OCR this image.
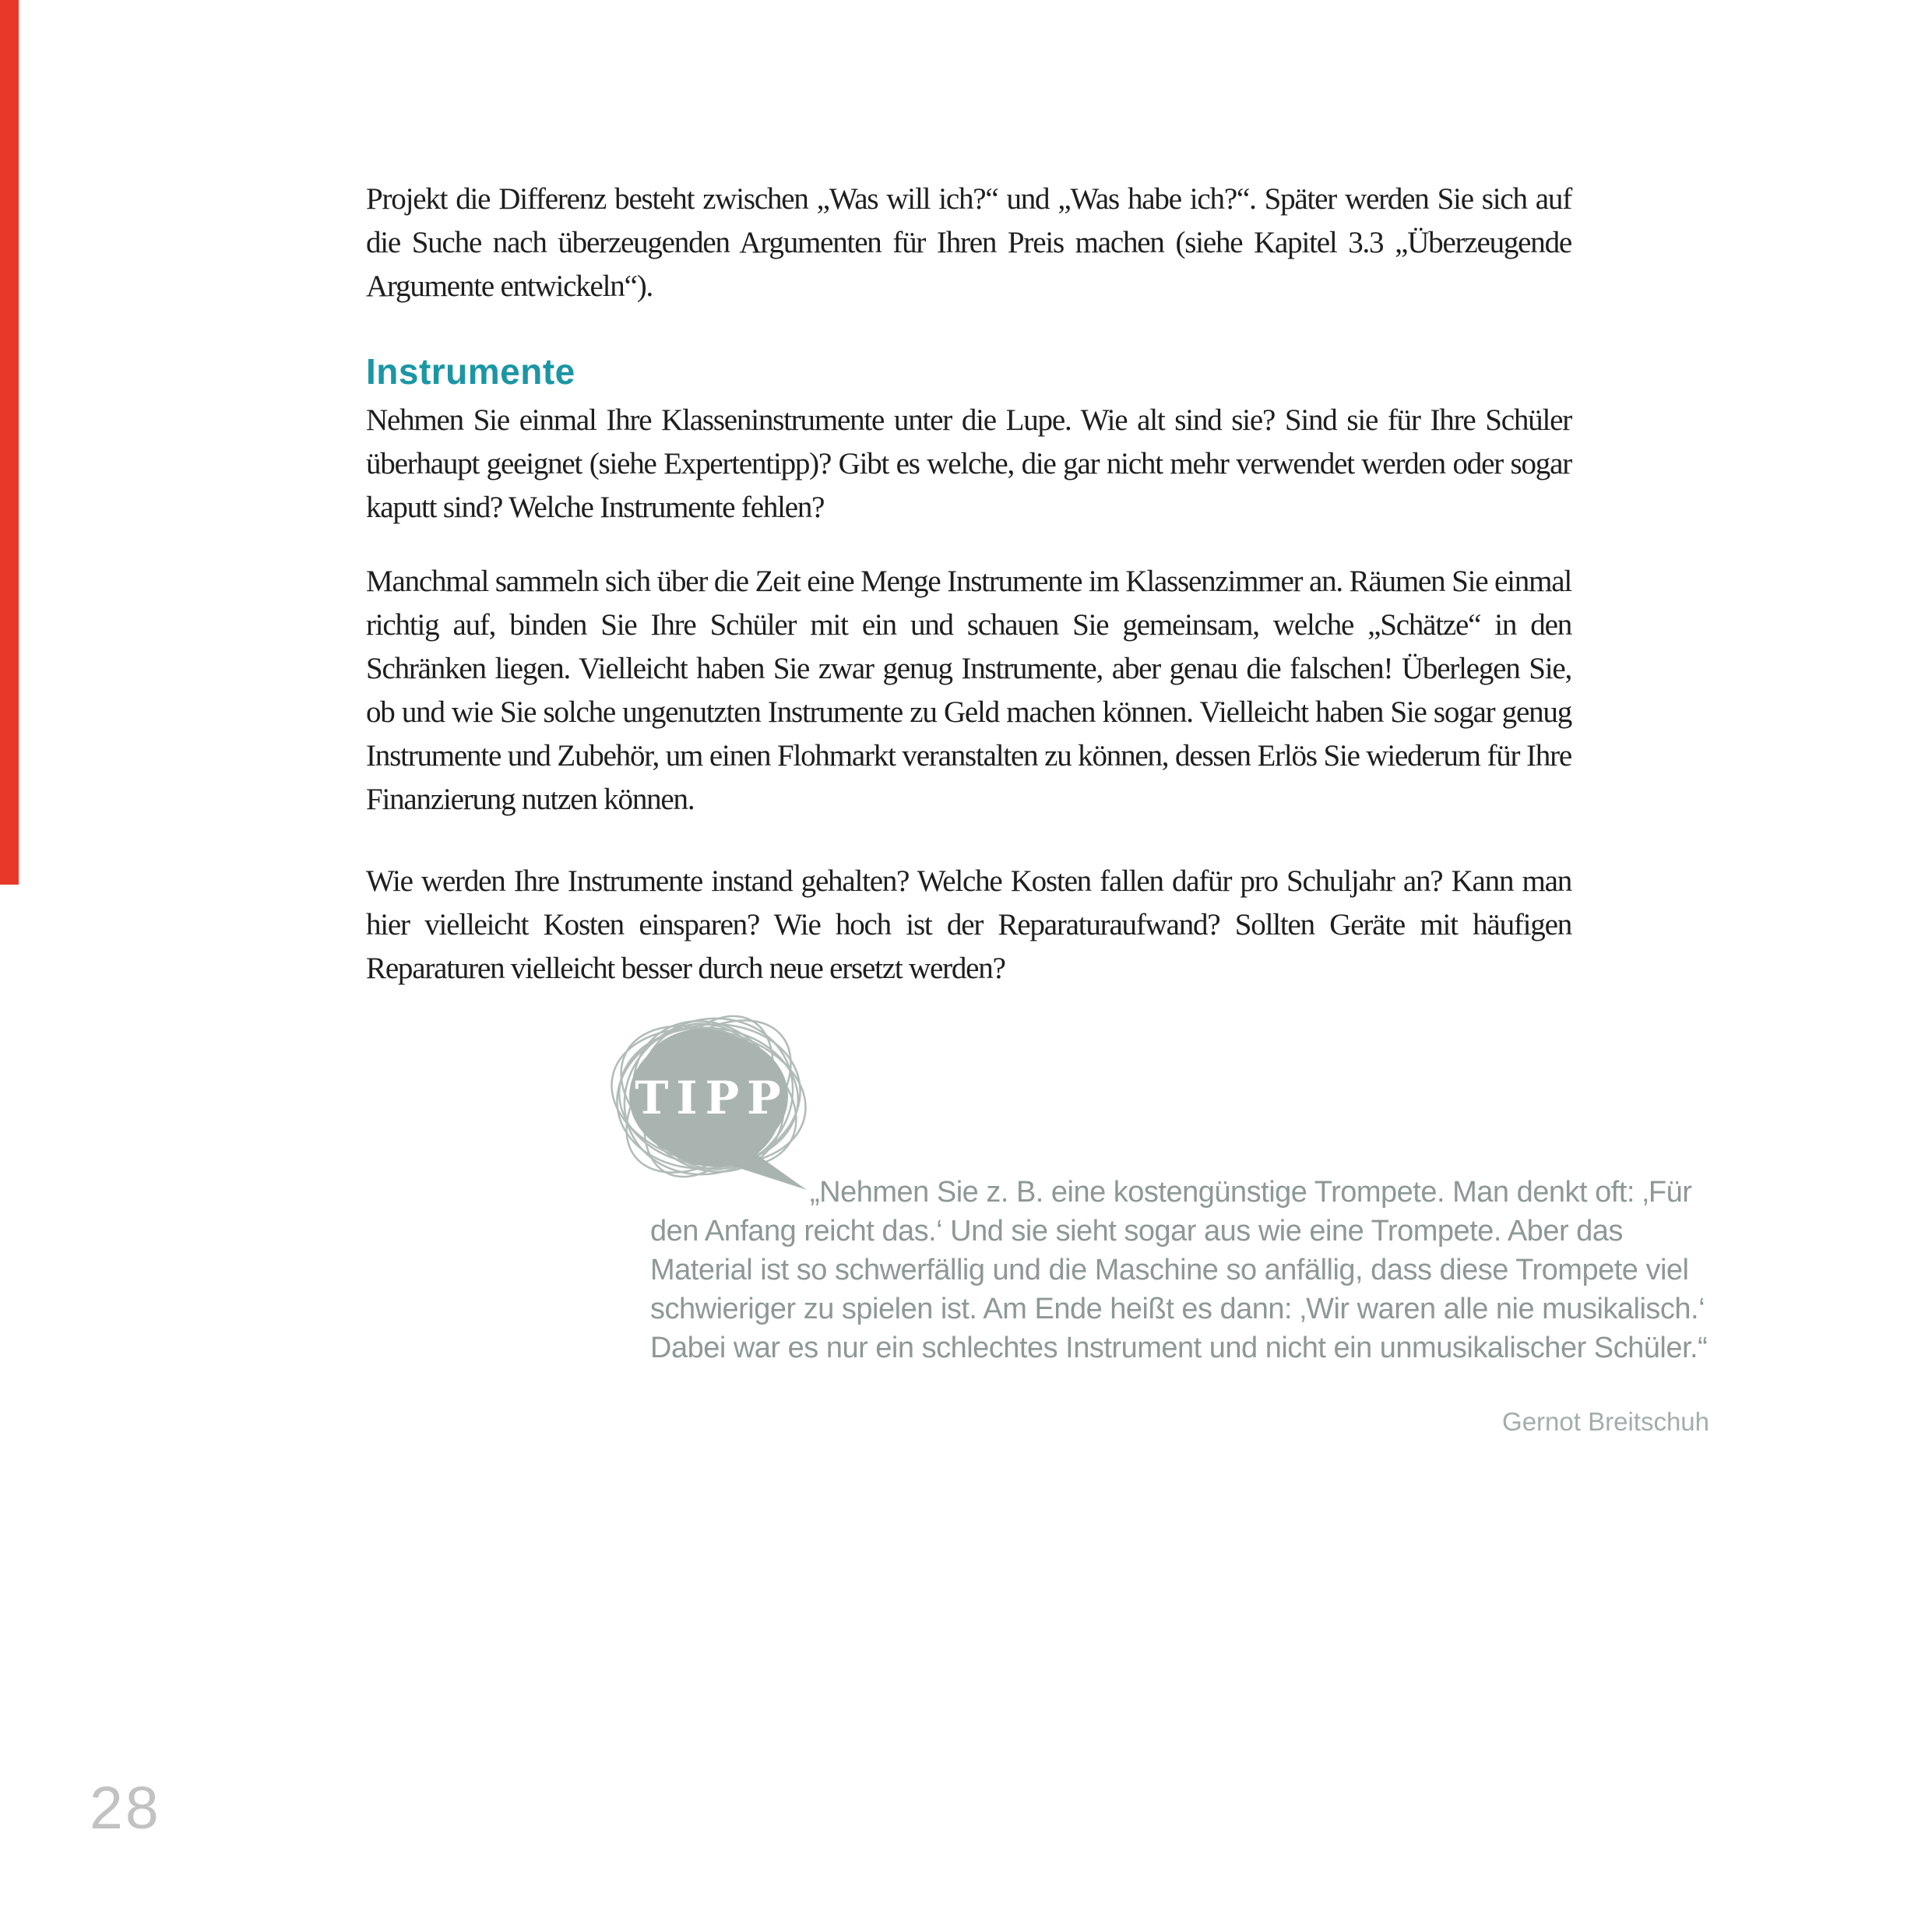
Projekt die Differenz besteht zwischen „Was will ich?“ und „Was habe ich?“. Später werden Sie sich auf die Suche nach überzeugenden Argumenten für Ihren Preis machen (siehe Kapitel 3.3 „Überzeugende Argumente entwickeln“).

Instrumente

Nehmen Sie einmal Ihre Klasseninstrumente unter die Lupe. Wie alt sind sie? Sind sie für Ihre Schüler überhaupt geeignet (siehe Expertentipp)? Gibt es welche, die gar nicht mehr verwendet werden oder sogar kaputt sind? Welche Instrumente fehlen?

Manchmal sammeln sich über die Zeit eine Menge Instrumente im Klassenzimmer an. Räumen Sie einmal richtig auf, binden Sie Ihre Schüler mit ein und schauen Sie gemeinsam, welche „Schätze“ in den Schränken liegen. Vielleicht haben Sie zwar genug Instrumente, aber genau die falschen! Überlegen Sie, ob und wie Sie solche ungenutzten Instrumente zu Geld machen können. Vielleicht haben Sie sogar genug Instrumente und Zubehör, um einen Flohmarkt veranstalten zu können, dessen Erlös Sie wiederum für Ihre Finanzierung nutzen können.

Wie werden Ihre Instrumente instand gehalten? Welche Kosten fallen dafür pro Schuljahr an? Kann man hier vielleicht Kosten einsparen? Wie hoch ist der Reparaturaufwand? Sollten Geräte mit häufigen Reparaturen vielleicht besser durch neue ersetzt werden?

TIPP

„Nehmen Sie z. B. eine kostengünstige Trompete. Man denkt oft: ‚Für den Anfang reicht das.‘ Und sie sieht sogar aus wie eine Trompete. Aber das Material ist so schwerfällig und die Maschine so anfällig, dass diese Trompete viel schwieriger zu spielen ist. Am Ende heißt es dann: ‚Wir waren alle nie musikalisch.‘ Dabei war es nur ein schlechtes Instrument und nicht ein unmusikalischer Schüler.“

Gernot Breitschuh

28
